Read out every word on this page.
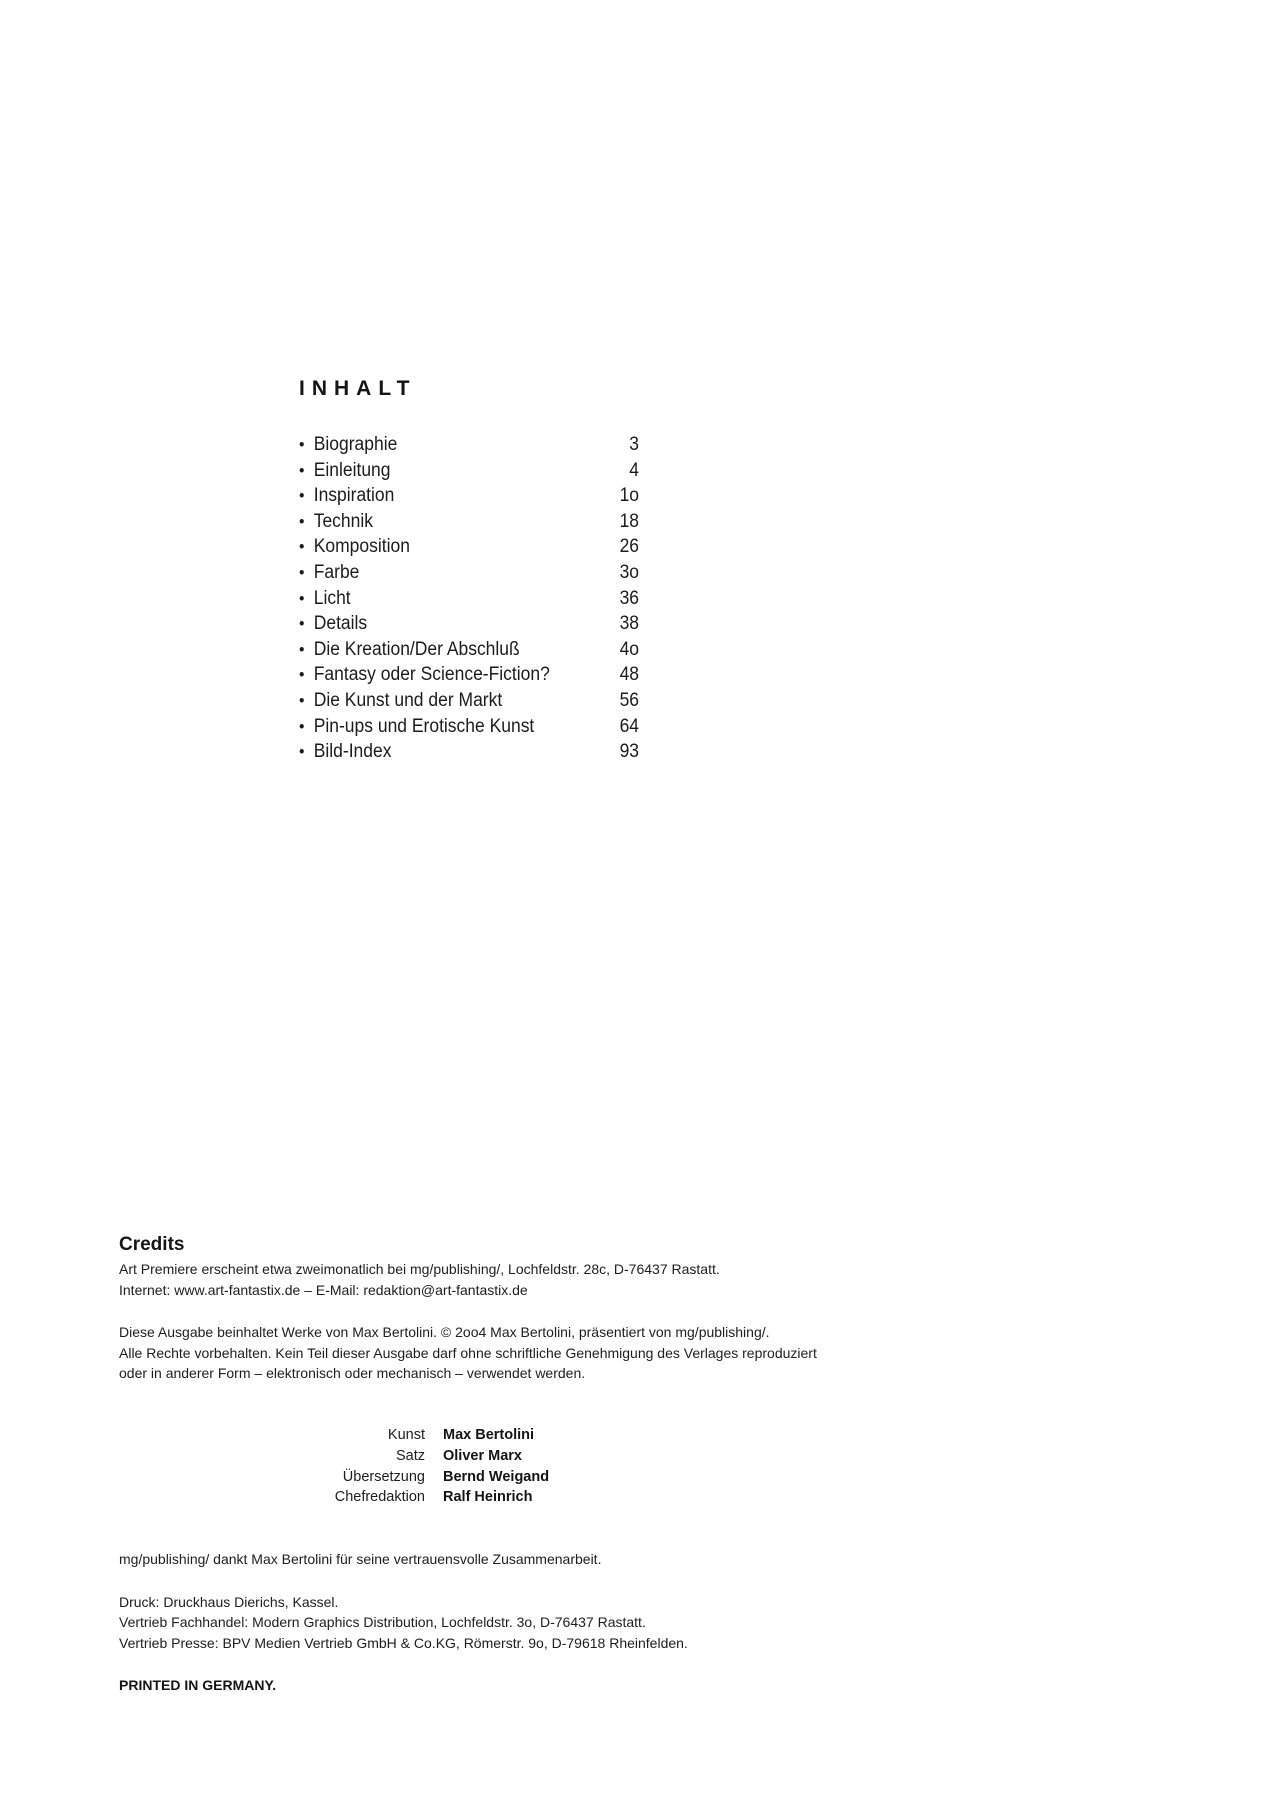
INHALT
• Biographie	3
• Einleitung	4
• Inspiration	1o
• Technik	18
• Komposition	26
• Farbe	3o
• Licht	36
• Details	38
• Die Kreation/Der Abschluß	4o
• Fantasy oder Science-Fiction?	48
• Die Kunst und der Markt	56
• Pin-ups und Erotische Kunst	64
• Bild-Index	93
Credits

Art Premiere erscheint etwa zweimonatlich bei mg/publishing/, Lochfeldstr. 28c, D-76437 Rastatt.

Internet: www.art-fantastix.de – E-Mail: redaktion@art-fantastix.de

Diese Ausgabe beinhaltet Werke von Max Bertolini. © 2oo4 Max Bertolini, präsentiert von mg/publishing/.

Alle Rechte vorbehalten. Kein Teil dieser Ausgabe darf ohne schriftliche Genehmigung des Verlages reproduziert

oder in anderer Form – elektronisch oder mechanisch – verwendet werden.

Kunst	Max Bertolini
Satz	Oliver Marx
Übersetzung	Bernd Weigand
Chefredaktion	Ralf Heinrich

mg/publishing/ dankt Max Bertolini für seine vertrauensvolle Zusammenarbeit.

Druck: Druckhaus Dierichs, Kassel.

Vertrieb Fachhandel: Modern Graphics Distribution, Lochfeldstr. 3o, D-76437 Rastatt.

Vertrieb Presse: BPV Medien Vertrieb GmbH & Co.KG, Römerstr. 9o, D-79618 Rheinfelden.

PRINTED IN GERMANY.
